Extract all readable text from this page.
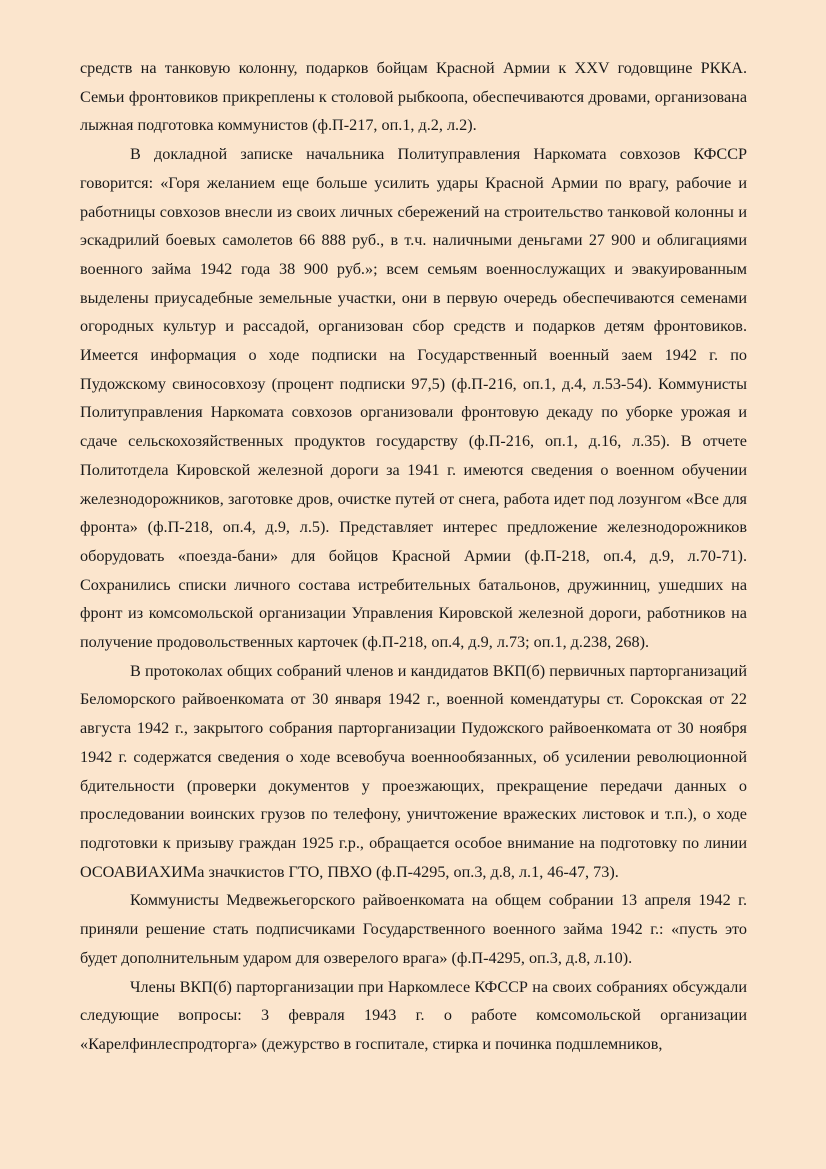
средств на танковую колонну, подарков бойцам Красной Армии к XXV годовщине РККА. Семьи фронтовиков прикреплены к столовой рыбкоопа, обеспечиваются дровами, организована лыжная подготовка коммунистов (ф.П-217, оп.1, д.2, л.2).

В докладной записке начальника Политуправления Наркомата совхозов КФССР говорится: «Горя желанием еще больше усилить удары Красной Армии по врагу, рабочие и работницы совхозов внесли из своих личных сбережений на строительство танковой колонны и эскадрилий боевых самолетов 66 888 руб., в т.ч. наличными деньгами 27 900 и облигациями военного займа 1942 года 38 900 руб.»; всем семьям военнослужащих и эвакуированным выделены приусадебные земельные участки, они в первую очередь обеспечиваются семенами огородных культур и рассадой, организован сбор средств и подарков детям фронтовиков. Имеется информация о ходе подписки на Государственный военный заем 1942 г. по Пудожскому свиносовхозу (процент подписки 97,5) (ф.П-216, оп.1, д.4, л.53-54). Коммунисты Политуправления Наркомата совхозов организовали фронтовую декаду по уборке урожая и сдаче сельскохозяйственных продуктов государству (ф.П-216, оп.1, д.16, л.35). В отчете Политотдела Кировской железной дороги за 1941 г. имеются сведения о военном обучении железнодорожников, заготовке дров, очистке путей от снега, работа идет под лозунгом «Все для фронта» (ф.П-218, оп.4, д.9, л.5). Представляет интерес предложение железнодорожников оборудовать «поезда-бани» для бойцов Красной Армии (ф.П-218, оп.4, д.9, л.70-71). Сохранились списки личного состава истребительных батальонов, дружинниц, ушедших на фронт из комсомольской организации Управления Кировской железной дороги, работников на получение продовольственных карточек (ф.П-218, оп.4, д.9, л.73; оп.1, д.238, 268).

В протоколах общих собраний членов и кандидатов ВКП(б) первичных парторганизаций Беломорского райвоенкомата от 30 января 1942 г., военной комендатуры ст. Сорокская от 22 августа 1942 г., закрытого собрания парторганизации Пудожского райвоенкомата от 30 ноября 1942 г. содержатся сведения о ходе всевобуча военнообязанных, об усилении революционной бдительности (проверки документов у проезжающих, прекращение передачи данных о проследовании воинских грузов по телефону, уничтожение вражеских листовок и т.п.), о ходе подготовки к призыву граждан 1925 г.р., обращается особое внимание на подготовку по линии ОСОАВИАХИМа значкистов ГТО, ПВХО (ф.П-4295, оп.3, д.8, л.1, 46-47, 73).

Коммунисты Медвежьегорского райвоенкомата на общем собрании 13 апреля 1942 г. приняли решение стать подписчиками Государственного военного займа 1942 г.: «пусть это будет дополнительным ударом для озверелого врага» (ф.П-4295, оп.3, д.8, л.10).

Члены ВКП(б) парторганизации при Наркомлесе КФССР на своих собраниях обсуждали следующие вопросы: 3 февраля 1943 г. о работе комсомольской организации «Карелфинлеспродторга» (дежурство в госпитале, стирка и починка подшлемников,
